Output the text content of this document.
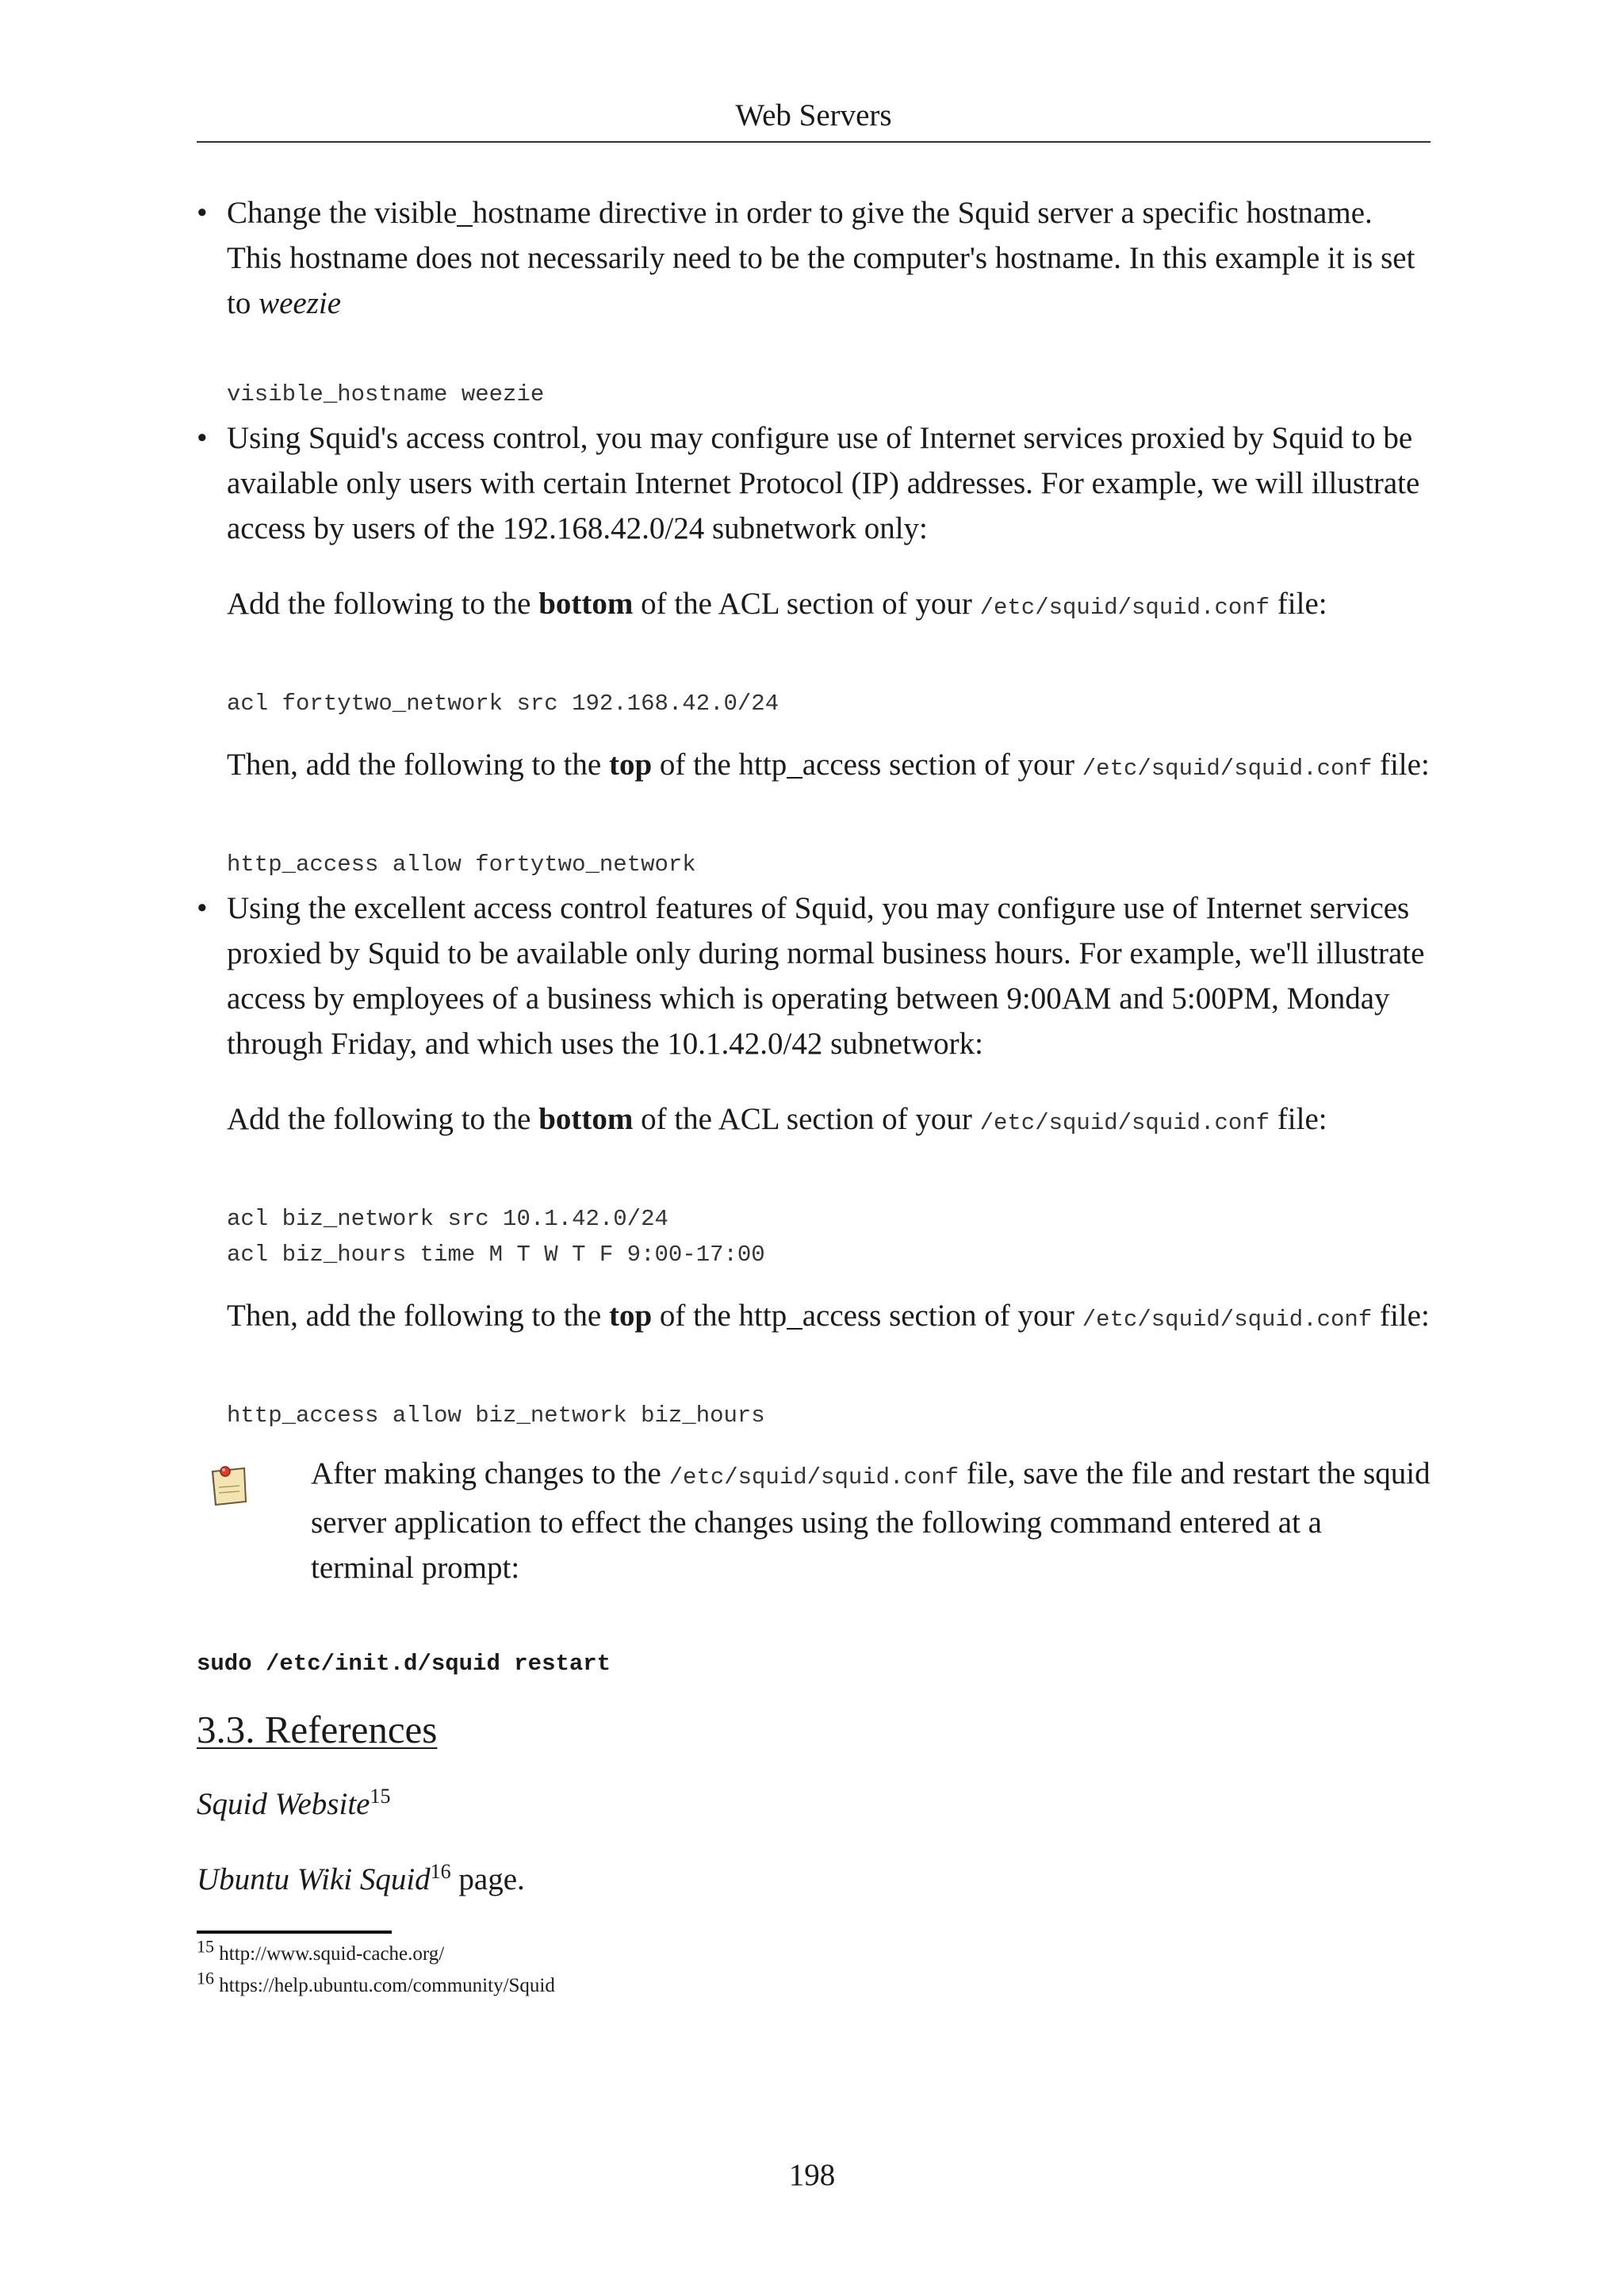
Web Servers
• Change the visible_hostname directive in order to give the Squid server a specific hostname. This hostname does not necessarily need to be the computer's hostname. In this example it is set to weezie
visible_hostname weezie
• Using Squid's access control, you may configure use of Internet services proxied by Squid to be available only users with certain Internet Protocol (IP) addresses. For example, we will illustrate access by users of the 192.168.42.0/24 subnetwork only:
Add the following to the bottom of the ACL section of your /etc/squid/squid.conf file:
acl fortytwo_network src 192.168.42.0/24
Then, add the following to the top of the http_access section of your /etc/squid/squid.conf file:
http_access allow fortytwo_network
• Using the excellent access control features of Squid, you may configure use of Internet services proxied by Squid to be available only during normal business hours. For example, we'll illustrate access by employees of a business which is operating between 9:00AM and 5:00PM, Monday through Friday, and which uses the 10.1.42.0/42 subnetwork:
Add the following to the bottom of the ACL section of your /etc/squid/squid.conf file:
acl biz_network src 10.1.42.0/24
acl biz_hours time M T W T F 9:00-17:00
Then, add the following to the top of the http_access section of your /etc/squid/squid.conf file:
http_access allow biz_network biz_hours
After making changes to the /etc/squid/squid.conf file, save the file and restart the squid server application to effect the changes using the following command entered at a terminal prompt:
sudo /etc/init.d/squid restart
3.3. References
Squid Website$^{15}$
Ubuntu Wiki Squid$^{16}$ page.
$^{15}$ http://www.squid-cache.org/
$^{16}$ https://help.ubuntu.com/community/Squid
198
